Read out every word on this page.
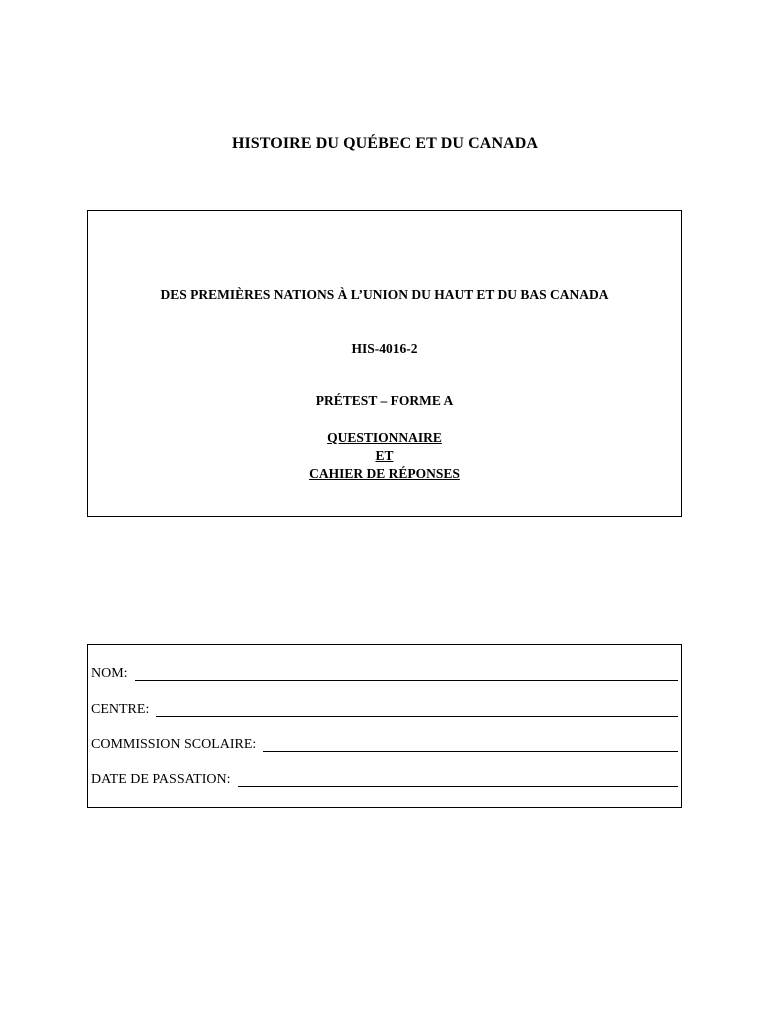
HISTOIRE DU QUÉBEC ET DU CANADA
DES PREMIÈRES NATIONS À L’UNION DU HAUT ET DU BAS CANADA
HIS-4016-2
PRÉTEST – FORME A
QUESTIONNAIRE
ET
CAHIER DE RÉPONSES
NOM:
CENTRE:
COMMISSION SCOLAIRE:
DATE DE PASSATION:
